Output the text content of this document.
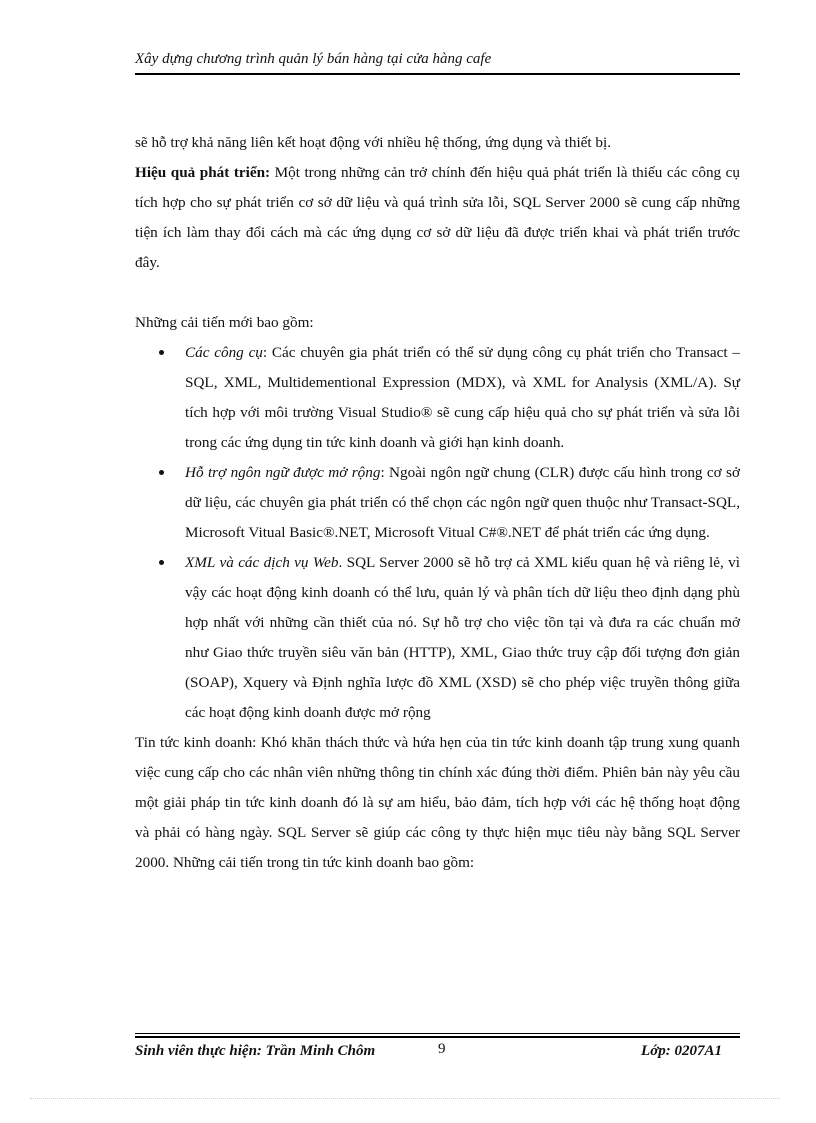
Xây dựng chương trình quản lý bán hàng tại cửa hàng cafe

sẽ hỗ trợ khả năng liên kết hoạt động với nhiều hệ thống, ứng dụng và thiết bị.

Hiệu quả phát triển: Một trong những cản trở chính đến hiệu quả phát triển là thiếu các công cụ tích hợp cho sự phát triển cơ sở dữ liệu và quá trình sửa lỗi, SQL Server 2000 sẽ cung cấp những tiện ích làm thay đổi cách mà các ứng dụng cơ sở dữ liệu đã được triển khai và phát triển trước đây.

Những cải tiến mới bao gồm:

Các công cụ: Các chuyên gia phát triển có thể sử dụng công cụ phát triển cho Transact – SQL, XML, Multidementional Expression (MDX), và XML for Analysis (XML/A). Sự tích hợp với môi trường Visual Studio® sẽ cung cấp hiệu quả cho sự phát triển và sửa lỗi trong các ứng dụng tin tức kinh doanh và giới hạn kinh doanh.
Hỗ trợ ngôn ngữ được mở rộng: Ngoài ngôn ngữ chung (CLR) được cấu hình trong cơ sở dữ liệu, các chuyên gia phát triển có thể chọn các ngôn ngữ quen thuộc như Transact-SQL, Microsoft Vitual Basic®.NET, Microsoft Vitual C#®.NET để phát triển các ứng dụng.
XML và các dịch vụ Web. SQL Server 2000 sẽ hỗ trợ cả XML kiểu quan hệ và riêng lẻ, vì vậy các hoạt động kinh doanh có thể lưu, quản lý và phân tích dữ liệu theo định dạng phù hợp nhất với những cần thiết của nó. Sự hỗ trợ cho việc tồn tại và đưa ra các chuẩn mở như Giao thức truyền siêu văn bản (HTTP), XML, Giao thức truy cập đối tượng đơn giản (SOAP), Xquery và Định nghĩa lược đồ XML (XSD) sẽ cho phép việc truyền thông giữa các hoạt động kinh doanh được mở rộng

Tin tức kinh doanh: Khó khăn thách thức và hứa hẹn của tin tức kinh doanh tập trung xung quanh việc cung cấp cho các nhân viên những thông tin chính xác đúng thời điểm. Phiên bản này yêu cầu một giải pháp tin tức kinh doanh đó là sự am hiểu, bảo đảm, tích hợp với các hệ thống hoạt động và phải có hàng ngày. SQL Server sẽ giúp các công ty thực hiện mục tiêu này bằng SQL Server 2000. Những cải tiến trong tin tức kinh doanh bao gồm:

Sinh viên thực hiện: Trần Minh Chôm	9	Lớp: 0207A1
